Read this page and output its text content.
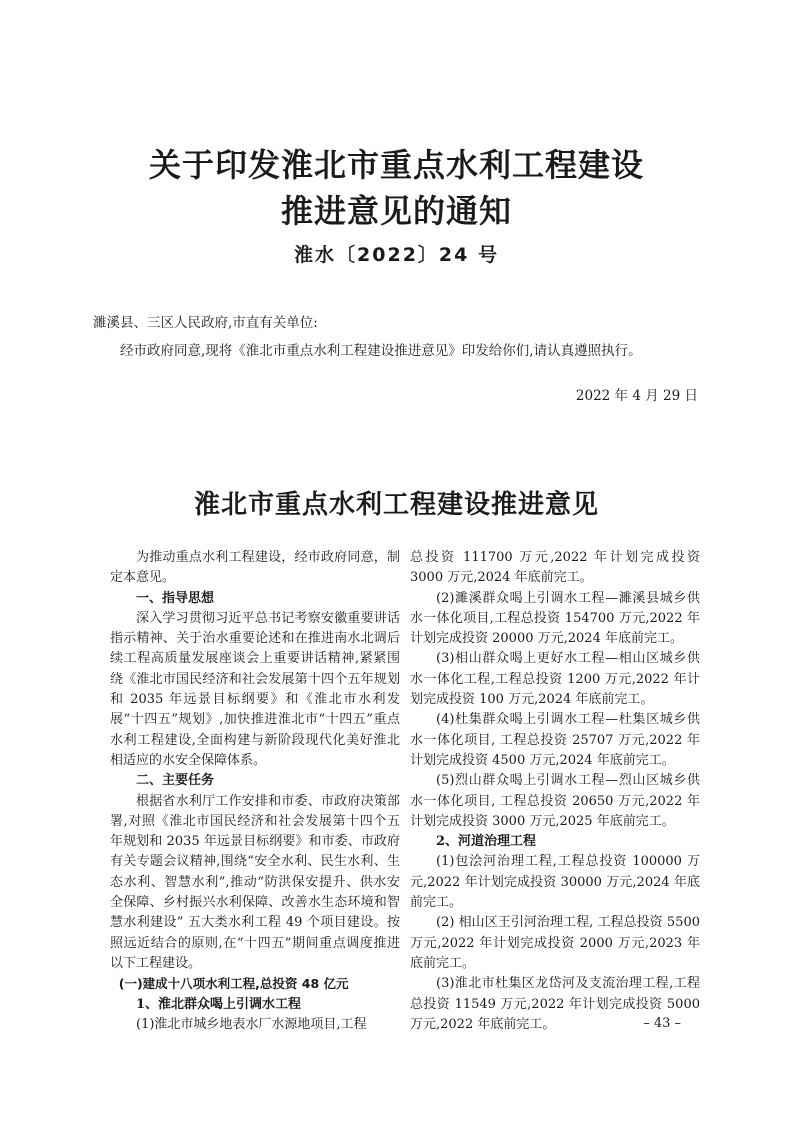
关于印发淮北市重点水利工程建设
推进意见的通知
淮水〔2022〕24 号
濉溪县、三区人民政府,市直有关单位:
经市政府同意,现将《淮北市重点水利工程建设推进意见》印发给你们,请认真遵照执行。
2022 年 4 月 29 日
淮北市重点水利工程建设推进意见

为推动重点水利工程建设，经市政府同意，制定本意见。

一、指导思想

深入学习贯彻习近平总书记考察安徽重要讲话指示精神、关于治水重要论述和在推进南水北调后续工程高质量发展座谈会上重要讲话精神,紧紧围绕《淮北市国民经济和社会发展第十四个五年规划和 2035 年远景目标纲要》和《淮北市水利发展“十四五”规划》,加快推进淮北市“十四五”重点水利工程建设,全面构建与新阶段现代化美好淮北相适应的水安全保障体系。

二、主要任务

根据省水利厅工作安排和市委、市政府决策部署,对照《淮北市国民经济和社会发展第十四个五年规划和 2035 年远景目标纲要》和市委、市政府有关专题会议精神,围绕“安全水利、民生水利、生态水利、智慧水利”,推动“防洪保安提升、供水安全保障、乡村振兴水利保障、改善水生态环境和智慧水利建设” 五大类水利工程 49 个项目建设。按照远近结合的原则,在“十四五”期间重点调度推进以下工程建设。

(一)建成十八项水利工程,总投资 48 亿元

1、淮北群众喝上引调水工程

(1)淮北市城乡地表水厂水源地项目,工程

总投资 111700 万元,2022 年计划完成投资 3000 万元,2024 年底前完工。

(2)濉溪群众喝上引调水工程—濉溪县城乡供水一体化项目,工程总投资 154700 万元,2022 年计划完成投资 20000 万元,2024 年底前完工。

(3)相山群众喝上更好水工程—相山区城乡供水一体化工程,工程总投资 1200 万元,2022 年计划完成投资 100 万元,2024 年底前完工。

(4)杜集群众喝上引调水工程—杜集区城乡供水一体化项目, 工程总投资 25707 万元,2022 年计划完成投资 4500 万元,2024 年底前完工。

(5)烈山群众喝上引调水工程—烈山区城乡供水一体化项目, 工程总投资 20650 万元,2022 年计划完成投资 3000 万元,2025 年底前完工。

2、河道治理工程

(1)包浍河治理工程,工程总投资 100000 万元,2022 年计划完成投资 30000 万元,2024 年底前完工。

(2) 相山区王引河治理工程, 工程总投资 5500 万元,2022 年计划完成投资 2000 万元,2023 年底前完工。

(3)淮北市杜集区龙岱河及支流治理工程,工程总投资 11549 万元,2022 年计划完成投资 5000 万元,2022 年底前完工。	– 43 –
